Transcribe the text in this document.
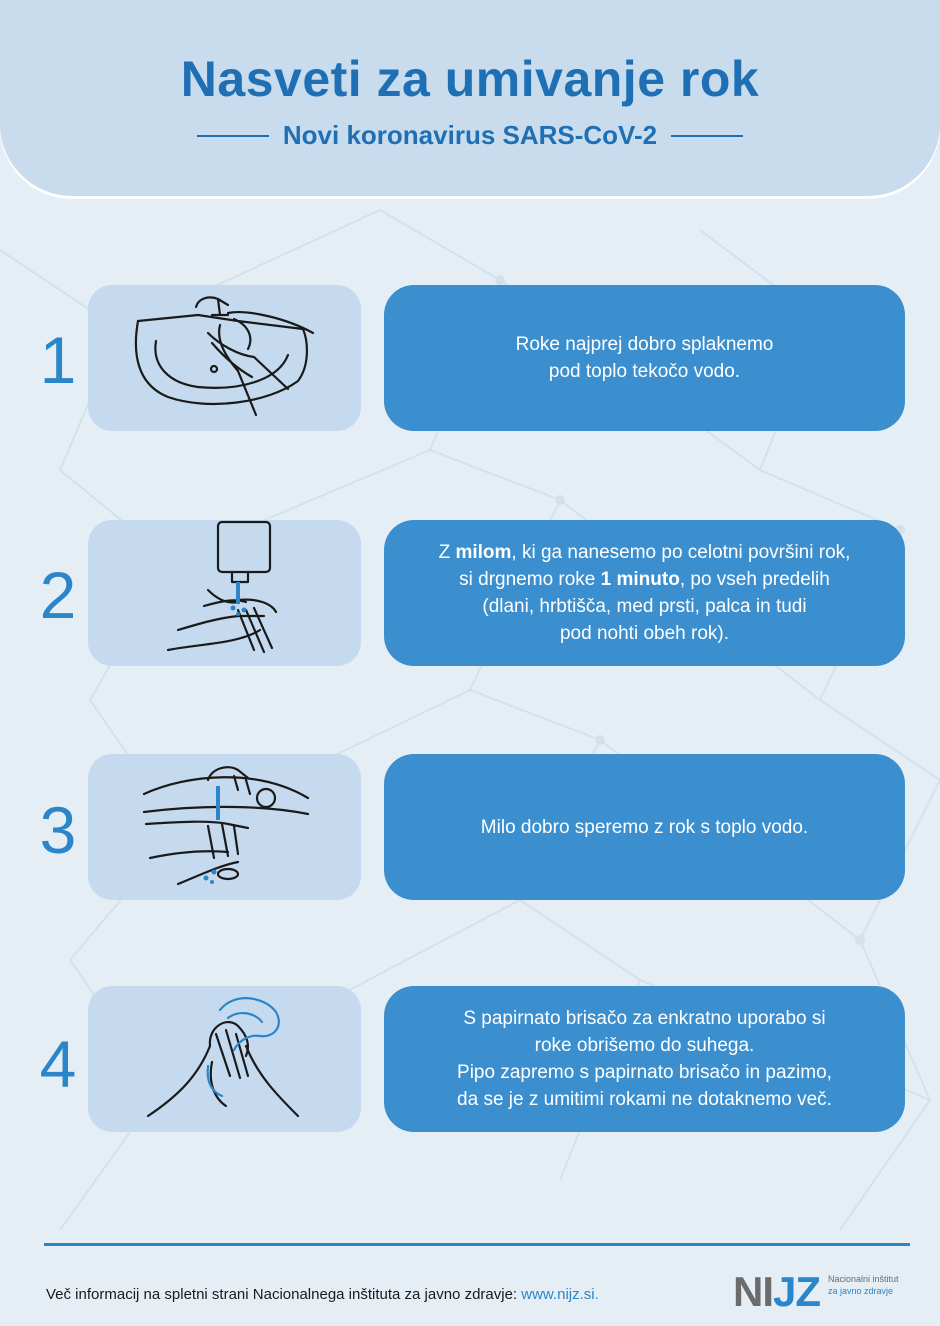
Nasveti za umivanje rok
Novi koronavirus SARS-CoV-2
1	Roke najprej dobro splaknemo
pod toplo tekočo vodo.
2
Z milom, ki ga nanesemo po celotni površini rok,
si drgnemo roke 1 minuto, po vseh predelih
(dlani, hrbtišča, med prsti, palca in tudi
pod nohti obeh rok).
3	Milo dobro speremo z rok s toplo vodo.
4
S papirnato brisačo za enkratno uporabo si
roke obrišemo do suhega.
Pipo zapremo s papirnato brisačo in pazimo,
da se je z umitimi rokami ne dotaknemo več.
Več informacij na spletni strani Nacionalnega inštituta za javno zdravje: www.nijz.si.	NIJZ Nacionalni inštitut
za javno zdravje
